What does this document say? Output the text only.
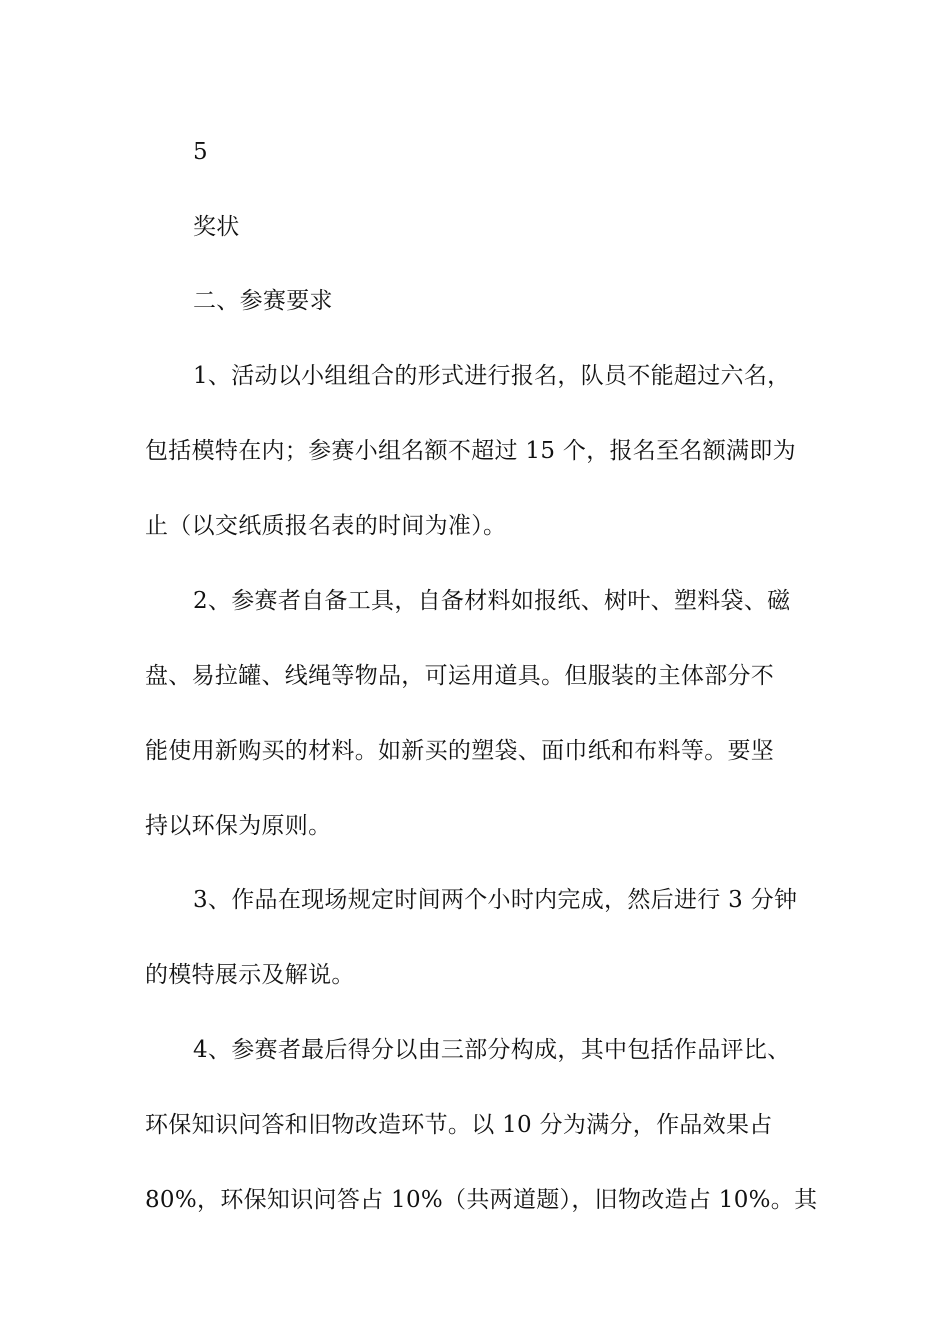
5
奖状
二、参赛要求
1、活动以小组组合的形式进行报名，队员不能超过六名，
包括模特在内；参赛小组名额不超过 15 个，报名至名额满即为
止（以交纸质报名表的时间为准）。
2、参赛者自备工具，自备材料如报纸、树叶、塑料袋、磁
盘、易拉罐、线绳等物品，可运用道具。但服装的主体部分不
能使用新购买的材料。如新买的塑袋、面巾纸和布料等。要坚
持以环保为原则。
3、作品在现场规定时间两个小时内完成，然后进行 3 分钟
的模特展示及解说。
4、参赛者最后得分以由三部分构成，其中包括作品评比、
环保知识问答和旧物改造环节。以 10 分为满分，作品效果占
80%，环保知识问答占 10%（共两道题），旧物改造占 10%。其
